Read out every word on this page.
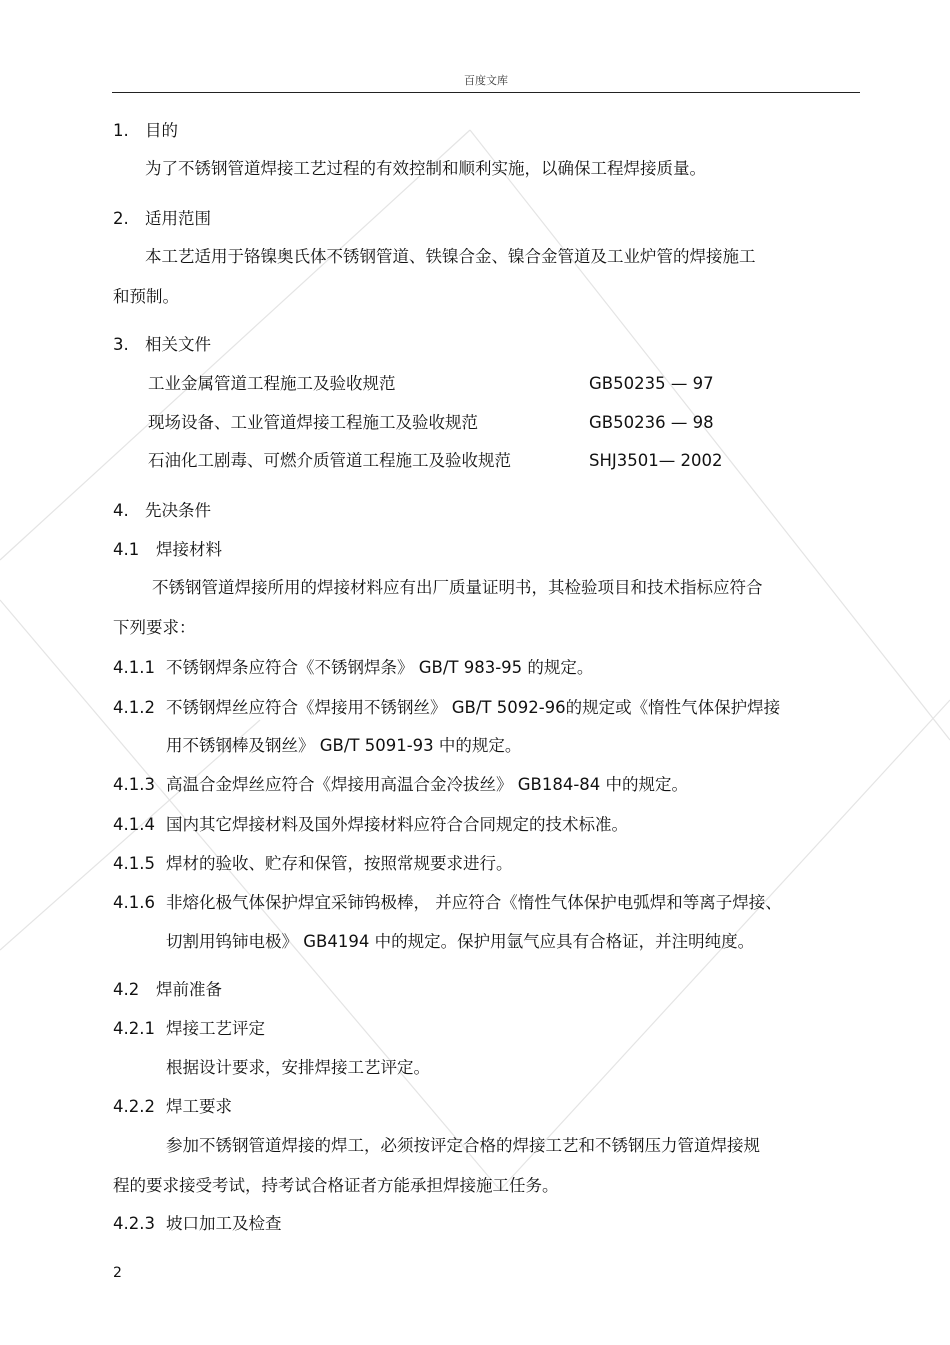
百度文库
1. 目的
为了不锈钢管道焊接工艺过程的有效控制和顺利实施，以确保工程焊接质量。
2. 适用范围
本工艺适用于铬镍奥氏体不锈钢管道、铁镍合金、镍合金管道及工业炉管的焊接施工
和预制。
3. 相关文件
工业金属管道工程施工及验收规范	GB50235 — 97
现场设备、工业管道焊接工程施工及验收规范	GB50236 — 98
石油化工剧毒、可燃介质管道工程施工及验收规范	SHJ3501— 2002
4. 先决条件
4.1 焊接材料
不锈钢管道焊接所用的焊接材料应有出厂质量证明书，其检验项目和技术指标应符合
下列要求：
4.1.1 不锈钢焊条应符合《不锈钢焊条》 GB/T 983-95 的规定。
4.1.2 不锈钢焊丝应符合《焊接用不锈钢丝》 GB/T 5092-96的规定或《惰性气体保护焊接
用不锈钢棒及钢丝》 GB/T 5091-93 中的规定。
4.1.3 高温合金焊丝应符合《焊接用高温合金冷拔丝》 GB184-84 中的规定。
4.1.4 国内其它焊接材料及国外焊接材料应符合合同规定的技术标准。
4.1.5 焊材的验收、贮存和保管，按照常规要求进行。
4.1.6 非熔化极气体保护焊宜采铈钨极棒， 并应符合《惰性气体保护电弧焊和等离子焊接、
切割用钨铈电极》 GB4194 中的规定。保护用氩气应具有合格证，并注明纯度。
4.2 焊前准备
4.2.1 焊接工艺评定
根据设计要求，安排焊接工艺评定。
4.2.2 焊工要求
参加不锈钢管道焊接的焊工，必须按评定合格的焊接工艺和不锈钢压力管道焊接规
程的要求接受考试，持考试合格证者方能承担焊接施工任务。
4.2.3 坡口加工及检查
2
